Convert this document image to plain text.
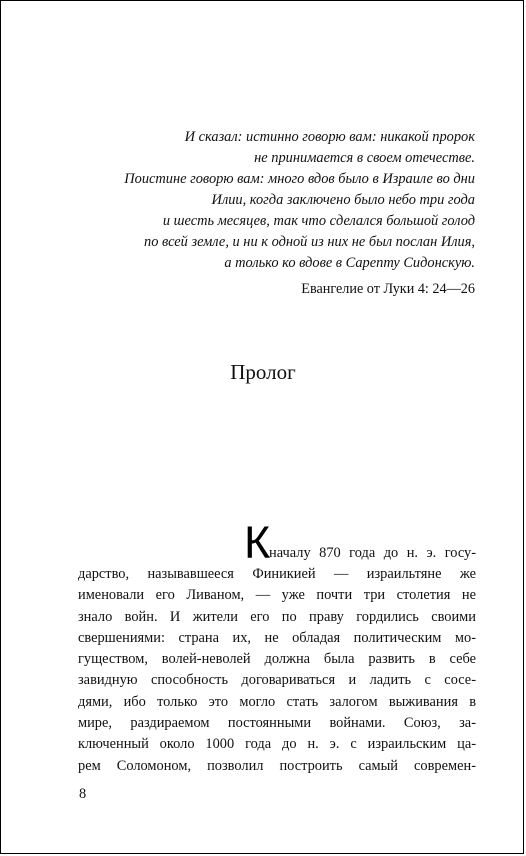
И сказал: истинно говорю вам: никакой пророк
не принимается в своем отечестве.
Поистине говорю вам: много вдов было в Израиле во дни
Илии, когда заключено было небо три года
и шесть месяцев, так что сделался большой голод
по всей земле, и ни к одной из них не был послан Илия,
а только ко вдове в Сарепту Сидонскую.
Евангелие от Луки 4: 24—26
Пролог
К
началу 870 года до н. э. госу-
дарство, называвшееся Финикией — израильтяне же
именовали его Ливаном, — уже почти три столетия не
знало войн. И жители его по праву гордились своими
свершениями: страна их, не обладая политическим мо-
гуществом, волей-неволей должна была развить в себе
завидную способность договариваться и ладить с сосе-
дями, ибо только это могло стать залогом выживания в
мире, раздираемом постоянными войнами. Союз, за-
ключенный около 1000 года до н. э. с израильским ца-
рем Соломоном, позволил построить самый современ-
8
